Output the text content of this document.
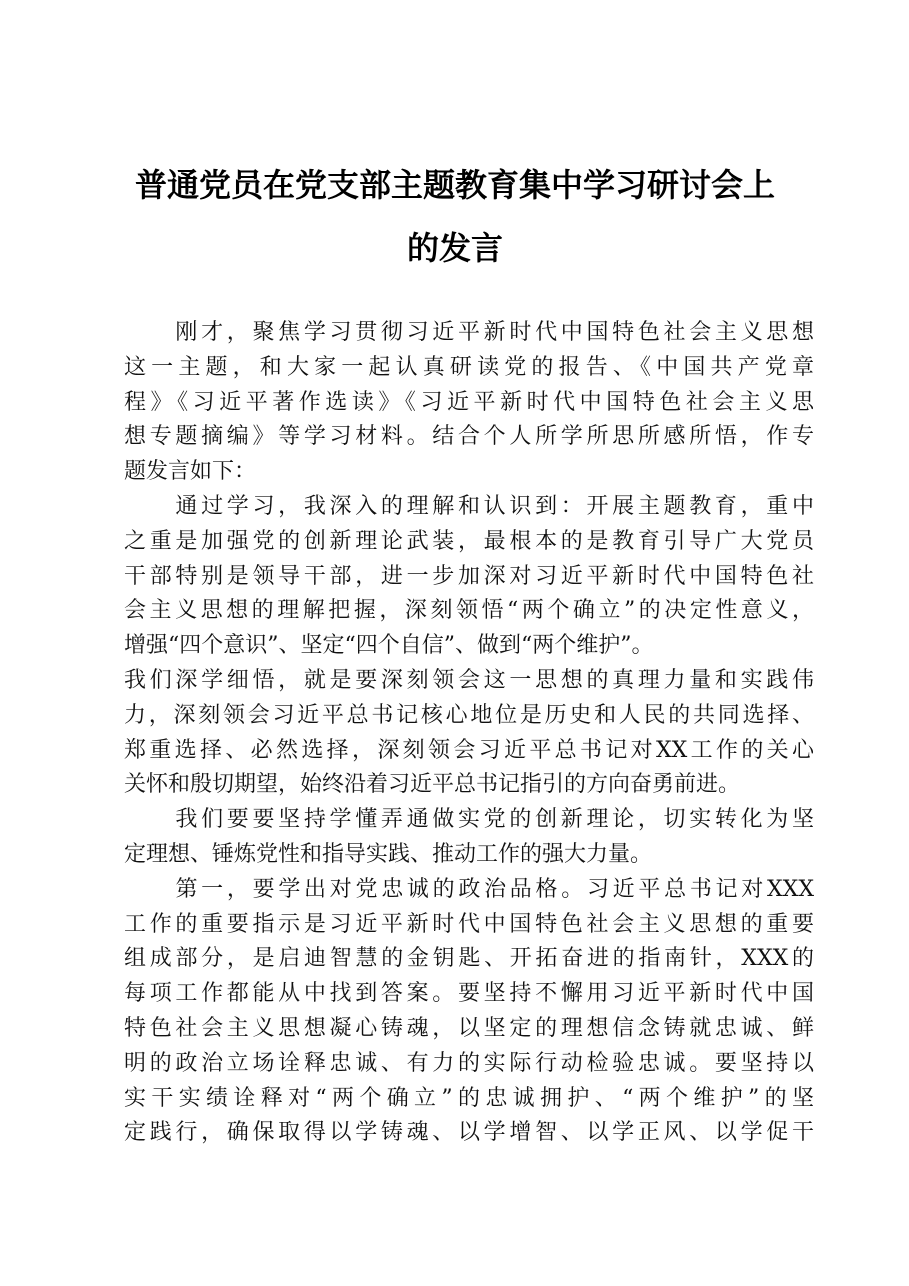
普通党员在党支部主题教育集中学习研讨会上
的发言
　　刚才，聚焦学习贯彻习近平新时代中国特色社会主义思想
这一主题，和大家一起认真研读党的报告、《中国共产党章
程》《习近平著作选读》《习近平新时代中国特色社会主义思
想专题摘编》等学习材料。结合个人所学所思所感所悟，作专
题发言如下：
　　通过学习，我深入的理解和认识到：开展主题教育，重中
之重是加强党的创新理论武装，最根本的是教育引导广大党员
干部特别是领导干部，进一步加深对习近平新时代中国特色社
会主义思想的理解把握，深刻领悟“两个确立”的决定性意义，
增强“四个意识”、坚定“四个自信”、做到“两个维护”。
我们深学细悟，就是要深刻领会这一思想的真理力量和实践伟
力，深刻领会习近平总书记核心地位是历史和人民的共同选择、
郑重选择、必然选择，深刻领会习近平总书记对XX工作的关心
关怀和殷切期望，始终沿着习近平总书记指引的方向奋勇前进。
　　我们要要坚持学懂弄通做实党的创新理论，切实转化为坚
定理想、锤炼党性和指导实践、推动工作的强大力量。
　　第一，要学出对党忠诚的政治品格。习近平总书记对XXX
工作的重要指示是习近平新时代中国特色社会主义思想的重要
组成部分，是启迪智慧的金钥匙、开拓奋进的指南针，XXX的
每项工作都能从中找到答案。要坚持不懈用习近平新时代中国
特色社会主义思想凝心铸魂，以坚定的理想信念铸就忠诚、鲜
明的政治立场诠释忠诚、有力的实际行动检验忠诚。要坚持以
实干实绩诠释对“两个确立”的忠诚拥护、“两个维护”的坚
定践行，确保取得以学铸魂、以学增智、以学正风、以学促干
